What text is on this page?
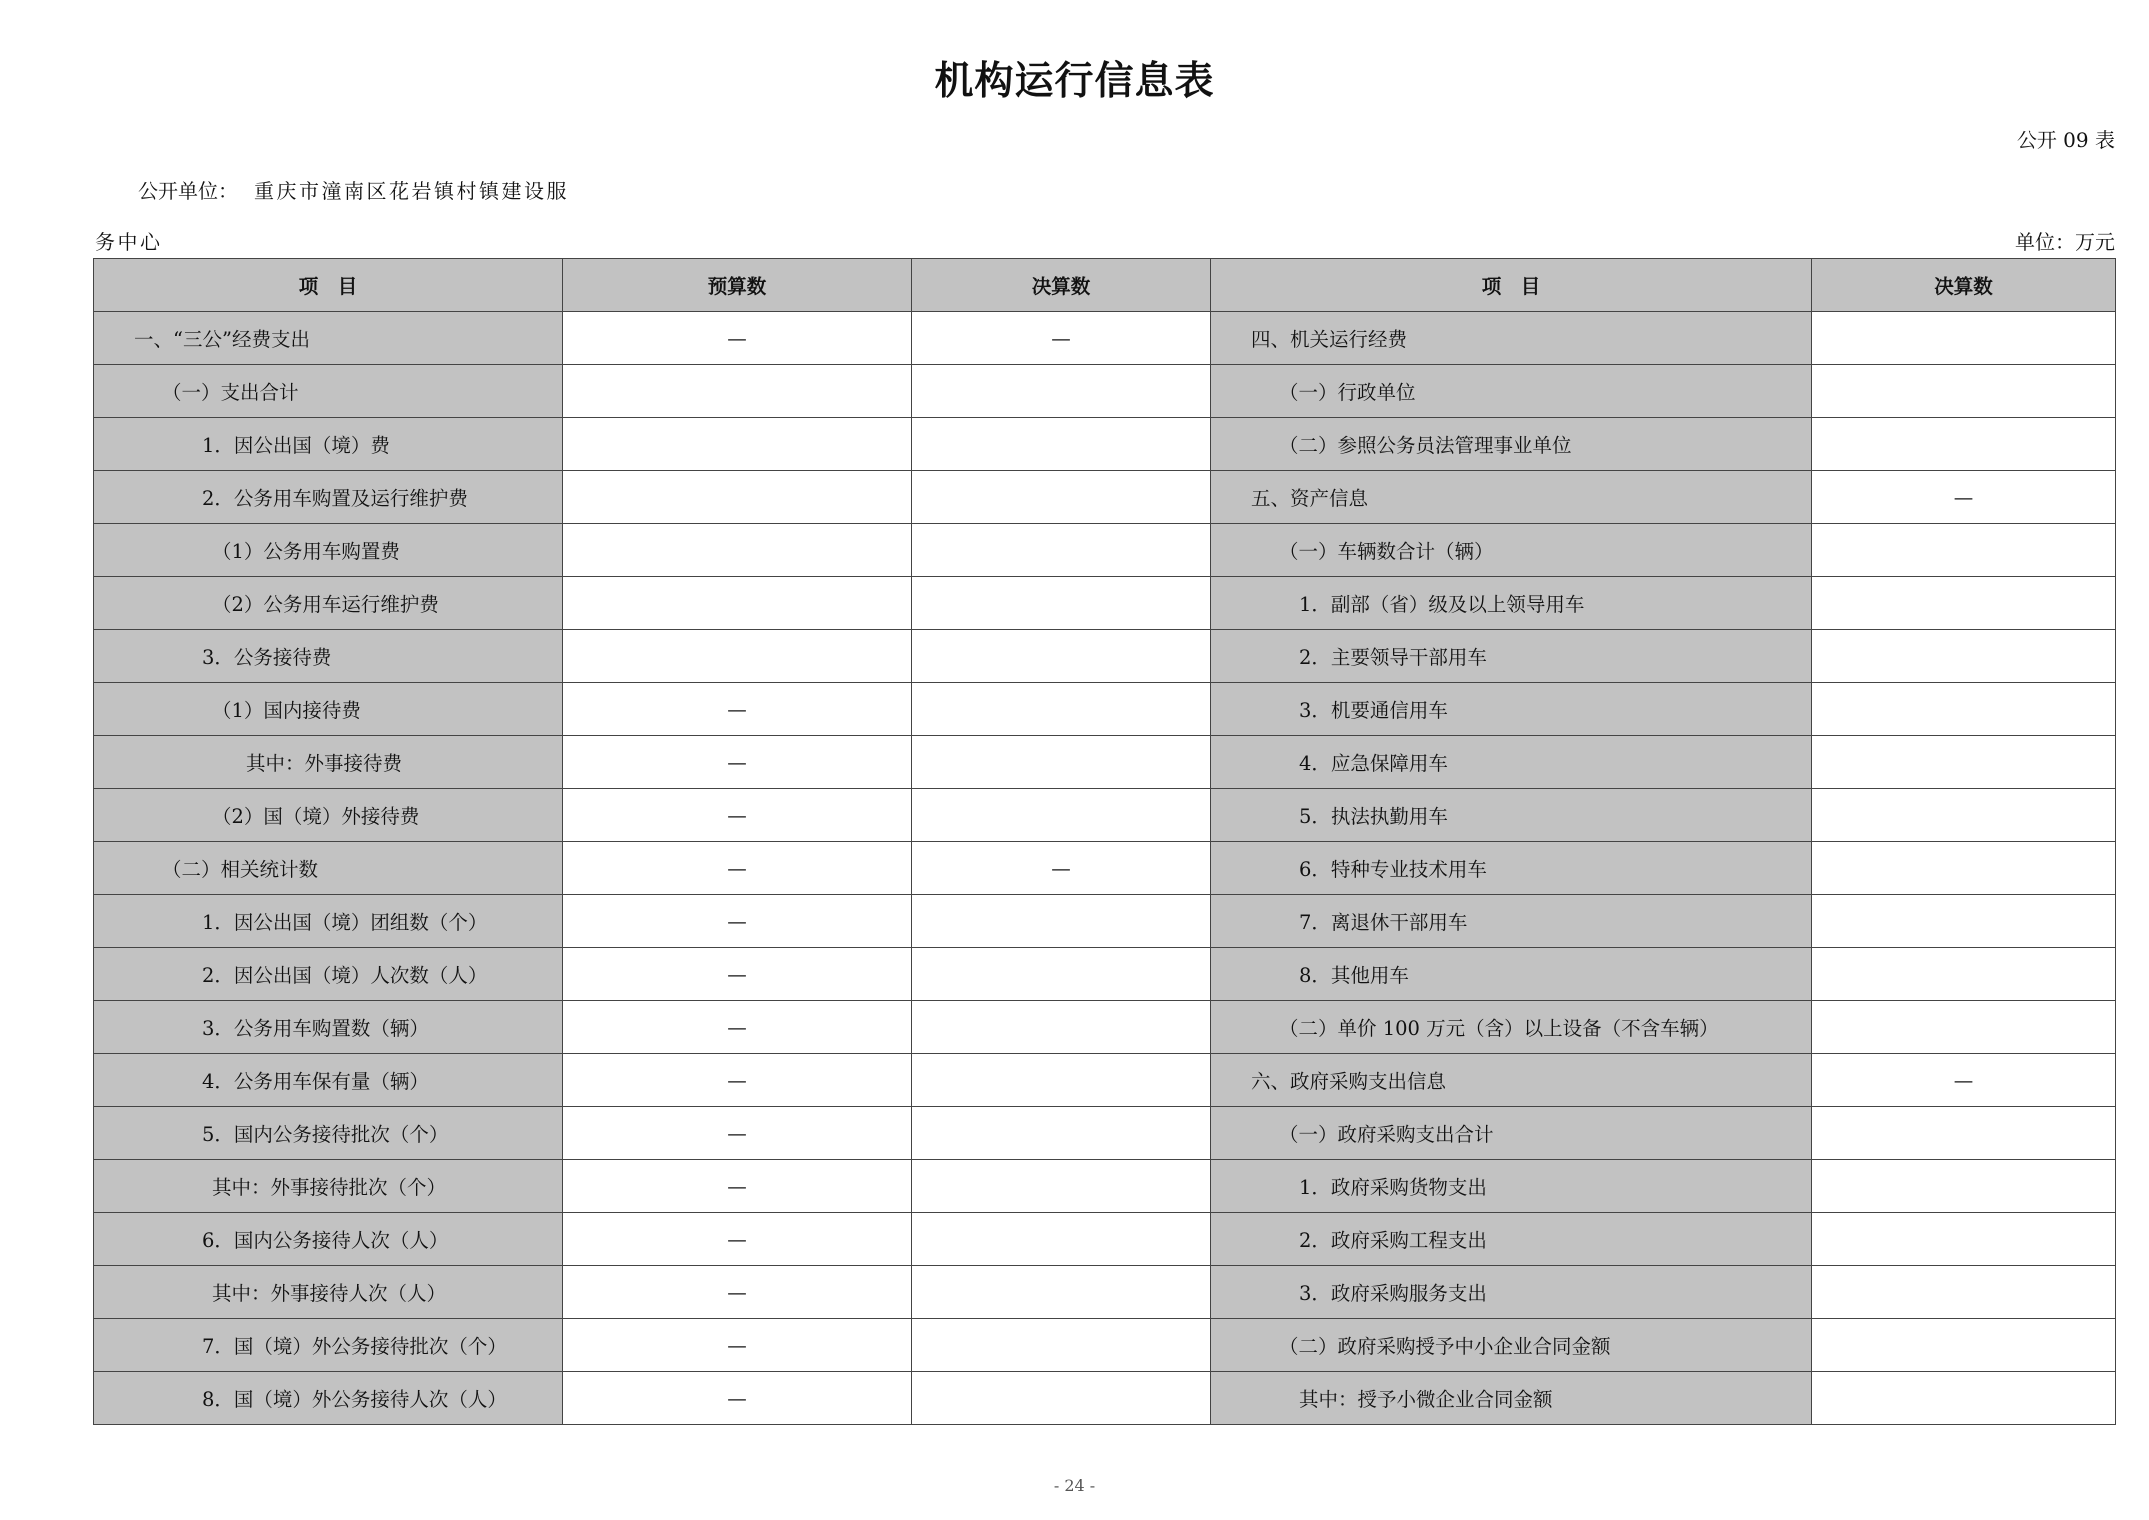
机构运行信息表
公开 09 表
公开单位： 重庆市潼南区花岩镇村镇建设服
务中心	单位：万元
项　目	预算数	决算数	项　目	决算数
一、“三公”经费支出	—	—	四、机关运行经费	
（一）支出合计			（一）行政单位	
1．因公出国（境）费			（二）参照公务员法管理事业单位	
2．公务用车购置及运行维护费			五、资产信息	—
（1）公务用车购置费			（一）车辆数合计（辆）	
（2）公务用车运行维护费			1．副部（省）级及以上领导用车	
3．公务接待费			2．主要领导干部用车	
（1）国内接待费	—		3．机要通信用车	
其中：外事接待费	—		4．应急保障用车	
（2）国（境）外接待费	—		5．执法执勤用车	
（二）相关统计数	—	—	6．特种专业技术用车	
1．因公出国（境）团组数（个）	—		7．离退休干部用车	
2．因公出国（境）人次数（人）	—		8．其他用车	
3．公务用车购置数（辆）	—		（二）单价 100 万元（含）以上设备（不含车辆）	
4．公务用车保有量（辆）	—		六、政府采购支出信息	—
5．国内公务接待批次（个）	—		（一）政府采购支出合计	
其中：外事接待批次（个）	—		1．政府采购货物支出	
6．国内公务接待人次（人）	—		2．政府采购工程支出	
其中：外事接待人次（人）	—		3．政府采购服务支出	
7．国（境）外公务接待批次（个）	—		（二）政府采购授予中小企业合同金额	
8．国（境）外公务接待人次（人）	—		其中：授予小微企业合同金额	
- 24 -
